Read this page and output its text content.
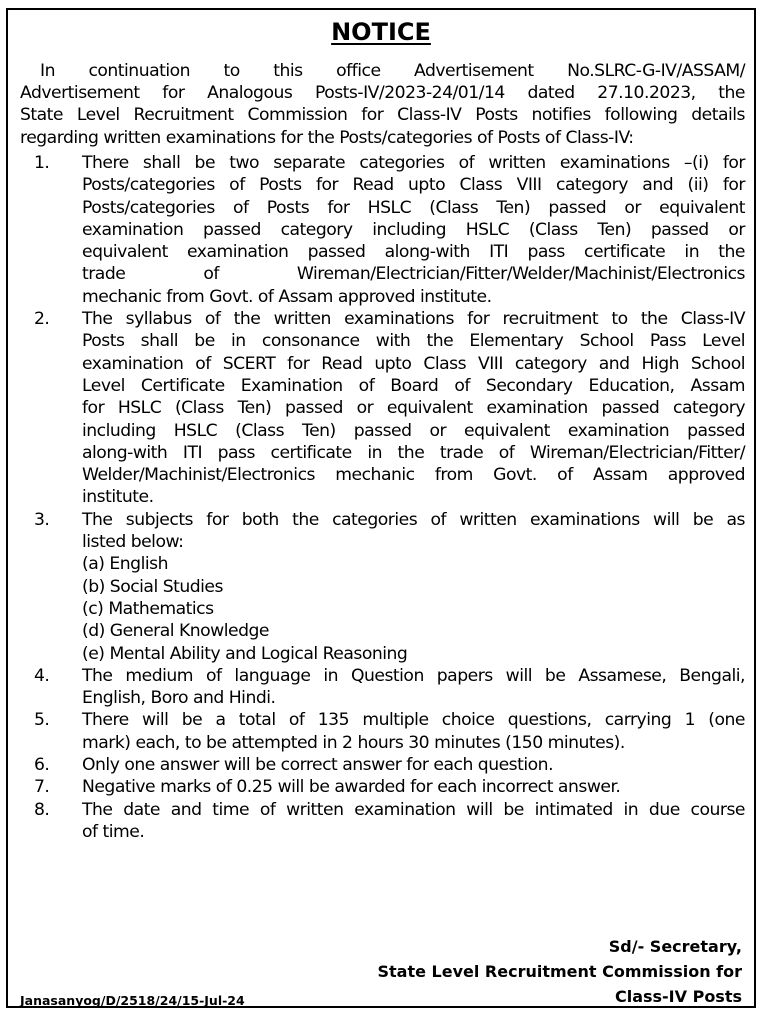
NOTICE

In continuation to this office Advertisement No.SLRC-G-IV/ASSAM/

Advertisement for Analogous Posts-IV/2023-24/01/14 dated 27.10.2023, the

State Level Recruitment Commission for Class-IV Posts notifies following details

regarding written examinations for the Posts/categories of Posts of Class-IV:

1. There shall be two separate categories of written examinations –(i) for
Posts/categories of Posts for Read upto Class VIII category and (ii) for
Posts/categories of Posts for HSLC (Class Ten) passed or equivalent
examination passed category including HSLC (Class Ten) passed or
equivalent examination passed along-with ITI pass certificate in the
trade of Wireman/Electrician/Fitter/Welder/Machinist/Electronics
mechanic from Govt. of Assam approved institute.
2. The syllabus of the written examinations for recruitment to the Class-IV
Posts shall be in consonance with the Elementary School Pass Level
examination of SCERT for Read upto Class VIII category and High School
Level Certificate Examination of Board of Secondary Education, Assam
for HSLC (Class Ten) passed or equivalent examination passed category
including HSLC (Class Ten) passed or equivalent examination passed
along-with ITI pass certificate in the trade of Wireman/Electrician/Fitter/
Welder/Machinist/Electronics mechanic from Govt. of Assam approved
institute.
3. The subjects for both the categories of written examinations will be as
listed below:
(a) English
(b) Social Studies
(c) Mathematics
(d) General Knowledge
(e) Mental Ability and Logical Reasoning
4. The medium of language in Question papers will be Assamese, Bengali,
English, Boro and Hindi.
5. There will be a total of 135 multiple choice questions, carrying 1 (one
mark) each, to be attempted in 2 hours 30 minutes (150 minutes).
6. Only one answer will be correct answer for each question.
7. Negative marks of 0.25 will be awarded for each incorrect answer.
8. The date and time of written examination will be intimated in due course
of time.
Sd/- Secretary,
State Level Recruitment Commission for
Class-IV Posts
Janasanyog/D/2518/24/15-Jul-24
